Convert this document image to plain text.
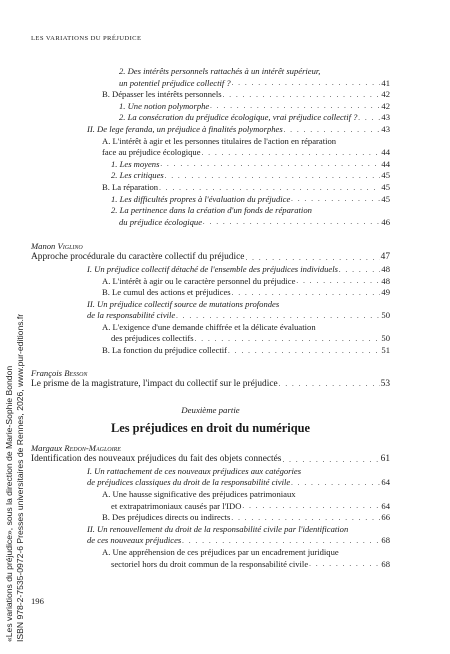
LES VARIATIONS DU PRÉJUDICE
«Les variations du préjudice», sous la direction de Marie-Sophie Bondon ISBN 978-2-7535-0972-6 Presses universitaires de Rennes, 2026, www.pur-editions.fr
2. Des intérêts personnels rattachés à un intérêt supérieur,
un potentiel préjudice collectif ? . . .	41
B. Dépasser les intérêts personnels . . .	42
1. Une notion polymorphe . . .	42
2. La consécration du préjudice écologique, vrai préjudice collectif ? . . .	43
II. De lege feranda, un préjudice à finalités polymorphes . . .	43
A. L'intérêt à agir et les personnes titulaires de l'action en réparation
face au préjudice écologique . . .	44
1. Les moyens . . .	44
2. Les critiques . . .	45
B. La réparation . . .	45
1. Les difficultés propres à l'évaluation du préjudice . . .	45
2. La pertinence dans la création d'un fonds de réparation
du préjudice écologique . . .	46
Manon Viglino
Approche procédurale du caractère collectif du préjudice . . .	47
I. Un préjudice collectif détaché de l'ensemble des préjudices individuels . . .	48
A. L'intérêt à agir ou le caractère personnel du préjudice . . .	48
B. Le cumul des actions et préjudices . . .	49
II. Un préjudice collectif source de mutations profondes
de la responsabilité civile . . .	50
A. L'exigence d'une demande chiffrée et la délicate évaluation
des préjudices collectifs . . .	50
B. La fonction du préjudice collectif . . .	51
François Besson
Le prisme de la magistrature, l'impact du collectif sur le préjudice . . .	53
Deuxième partie
Les préjudices en droit du numérique
Margaux Redon-Magloire
Identification des nouveaux préjudices du fait des objets connectés . . .	61
I. Un rattachement de ces nouveaux préjudices aux catégories
de préjudices classiques du droit de la responsabilité civile . . .	64
A. Une hausse significative des préjudices patrimoniaux
et extrapatrimoniaux causés par l'IDO . . .	64
B. Des préjudices directs ou indirects . . .	66
II. Un renouvellement du droit de la responsabilité civile par l'identification
de ces nouveaux préjudices . . .	68
A. Une appréhension de ces préjudices par un encadrement juridique
sectoriel hors du droit commun de la responsabilité civile . . .	68
196
